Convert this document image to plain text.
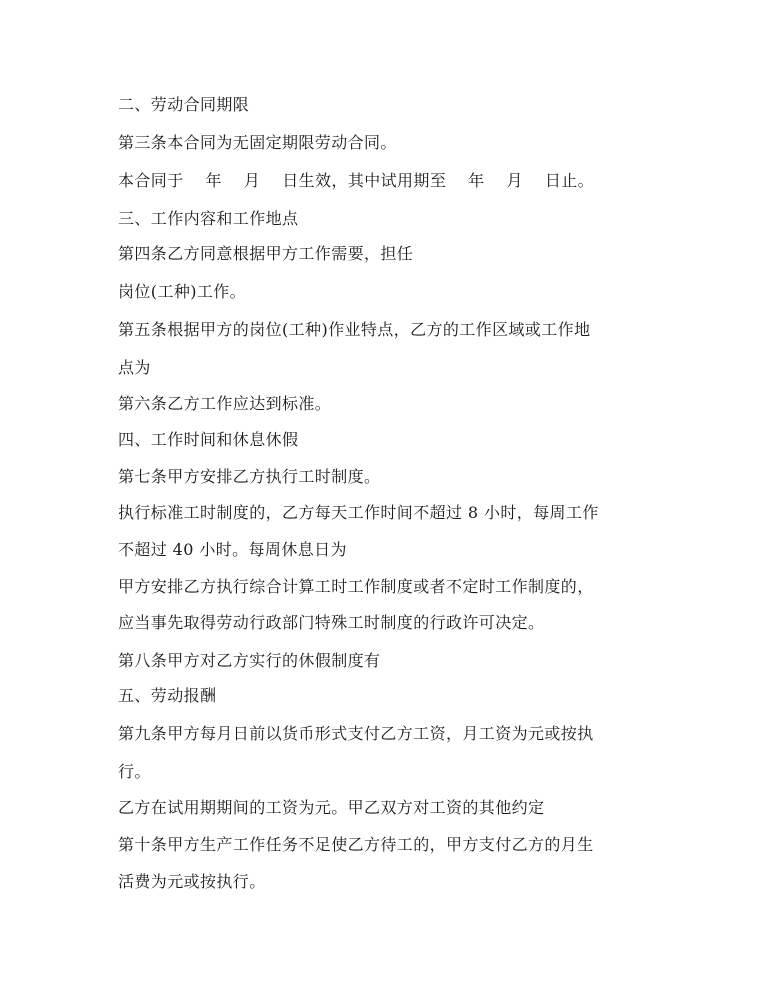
二、劳动合同期限
第三条本合同为无固定期限劳动合同。
本合同于    年    月    日生效，其中试用期至    年    月    日止。
三、工作内容和工作地点
第四条乙方同意根据甲方工作需要，担任
岗位(工种)工作。
第五条根据甲方的岗位(工种)作业特点，乙方的工作区域或工作地
点为
第六条乙方工作应达到标准。
四、工作时间和休息休假
第七条甲方安排乙方执行工时制度。
执行标准工时制度的，乙方每天工作时间不超过 8 小时，每周工作
不超过 40 小时。每周休息日为
甲方安排乙方执行综合计算工时工作制度或者不定时工作制度的，
应当事先取得劳动行政部门特殊工时制度的行政许可决定。
第八条甲方对乙方实行的休假制度有
五、劳动报酬
第九条甲方每月日前以货币形式支付乙方工资，月工资为元或按执
行。
乙方在试用期期间的工资为元。甲乙双方对工资的其他约定
第十条甲方生产工作任务不足使乙方待工的，甲方支付乙方的月生
活费为元或按执行。
